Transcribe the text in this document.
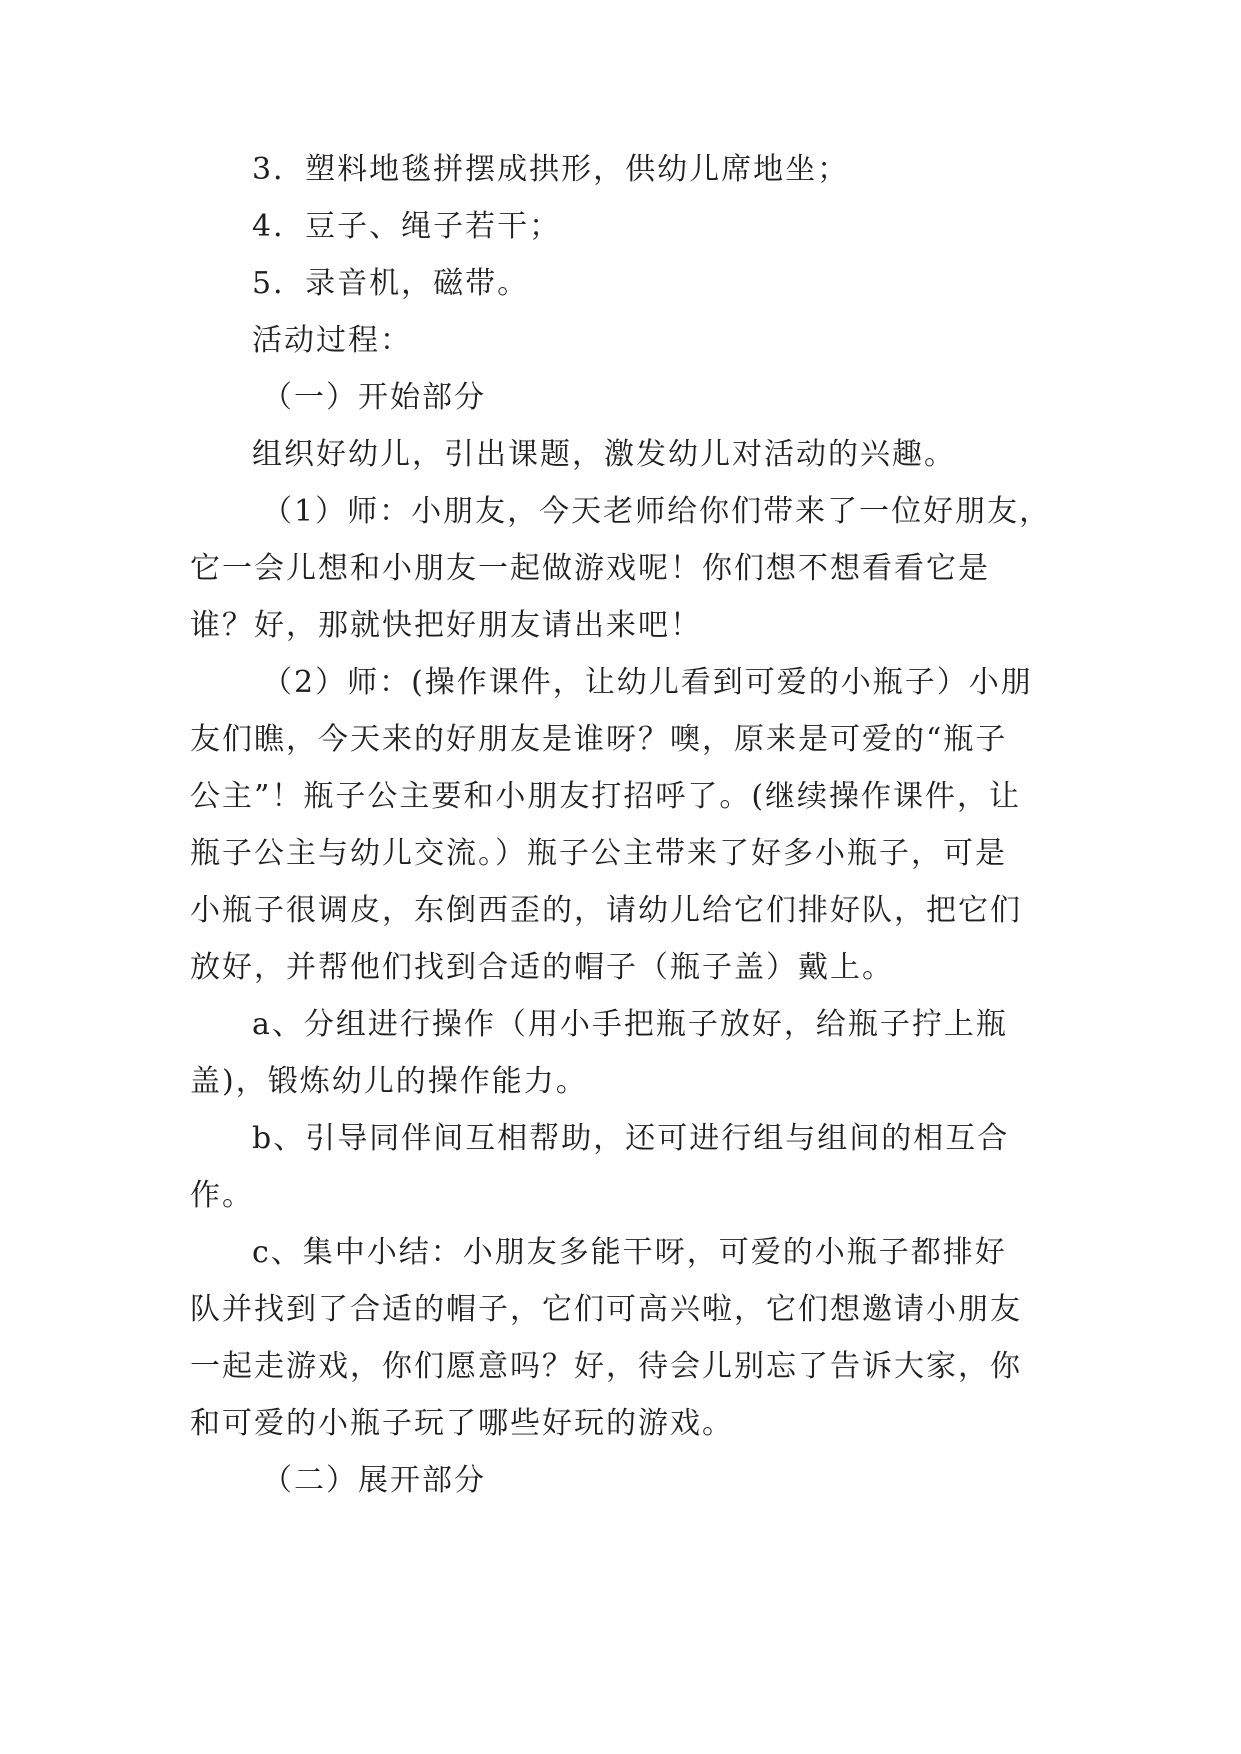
3．塑料地毯拼摆成拱形，供幼儿席地坐；
4．豆子、绳子若干；
5．录音机，磁带。
活动过程：
（一）开始部分
组织好幼儿，引出课题，激发幼儿对活动的兴趣。
（1）师：小朋友，今天老师给你们带来了一位好朋友，
它一会儿想和小朋友一起做游戏呢！你们想不想看看它是
谁？好，那就快把好朋友请出来吧！
（2）师：(操作课件，让幼儿看到可爱的小瓶子）小朋
友们瞧，今天来的好朋友是谁呀？噢，原来是可爱的“瓶子
公主”！瓶子公主要和小朋友打招呼了。(继续操作课件，让
瓶子公主与幼儿交流。）瓶子公主带来了好多小瓶子，可是
小瓶子很调皮，东倒西歪的，请幼儿给它们排好队，把它们
放好，并帮他们找到合适的帽子（瓶子盖）戴上。
a、分组进行操作（用小手把瓶子放好，给瓶子拧上瓶
盖)，锻炼幼儿的操作能力。
b、引导同伴间互相帮助，还可进行组与组间的相互合
作。
c、集中小结：小朋友多能干呀，可爱的小瓶子都排好
队并找到了合适的帽子，它们可高兴啦，它们想邀请小朋友
一起走游戏，你们愿意吗？好，待会儿别忘了告诉大家，你
和可爱的小瓶子玩了哪些好玩的游戏。
（二）展开部分
